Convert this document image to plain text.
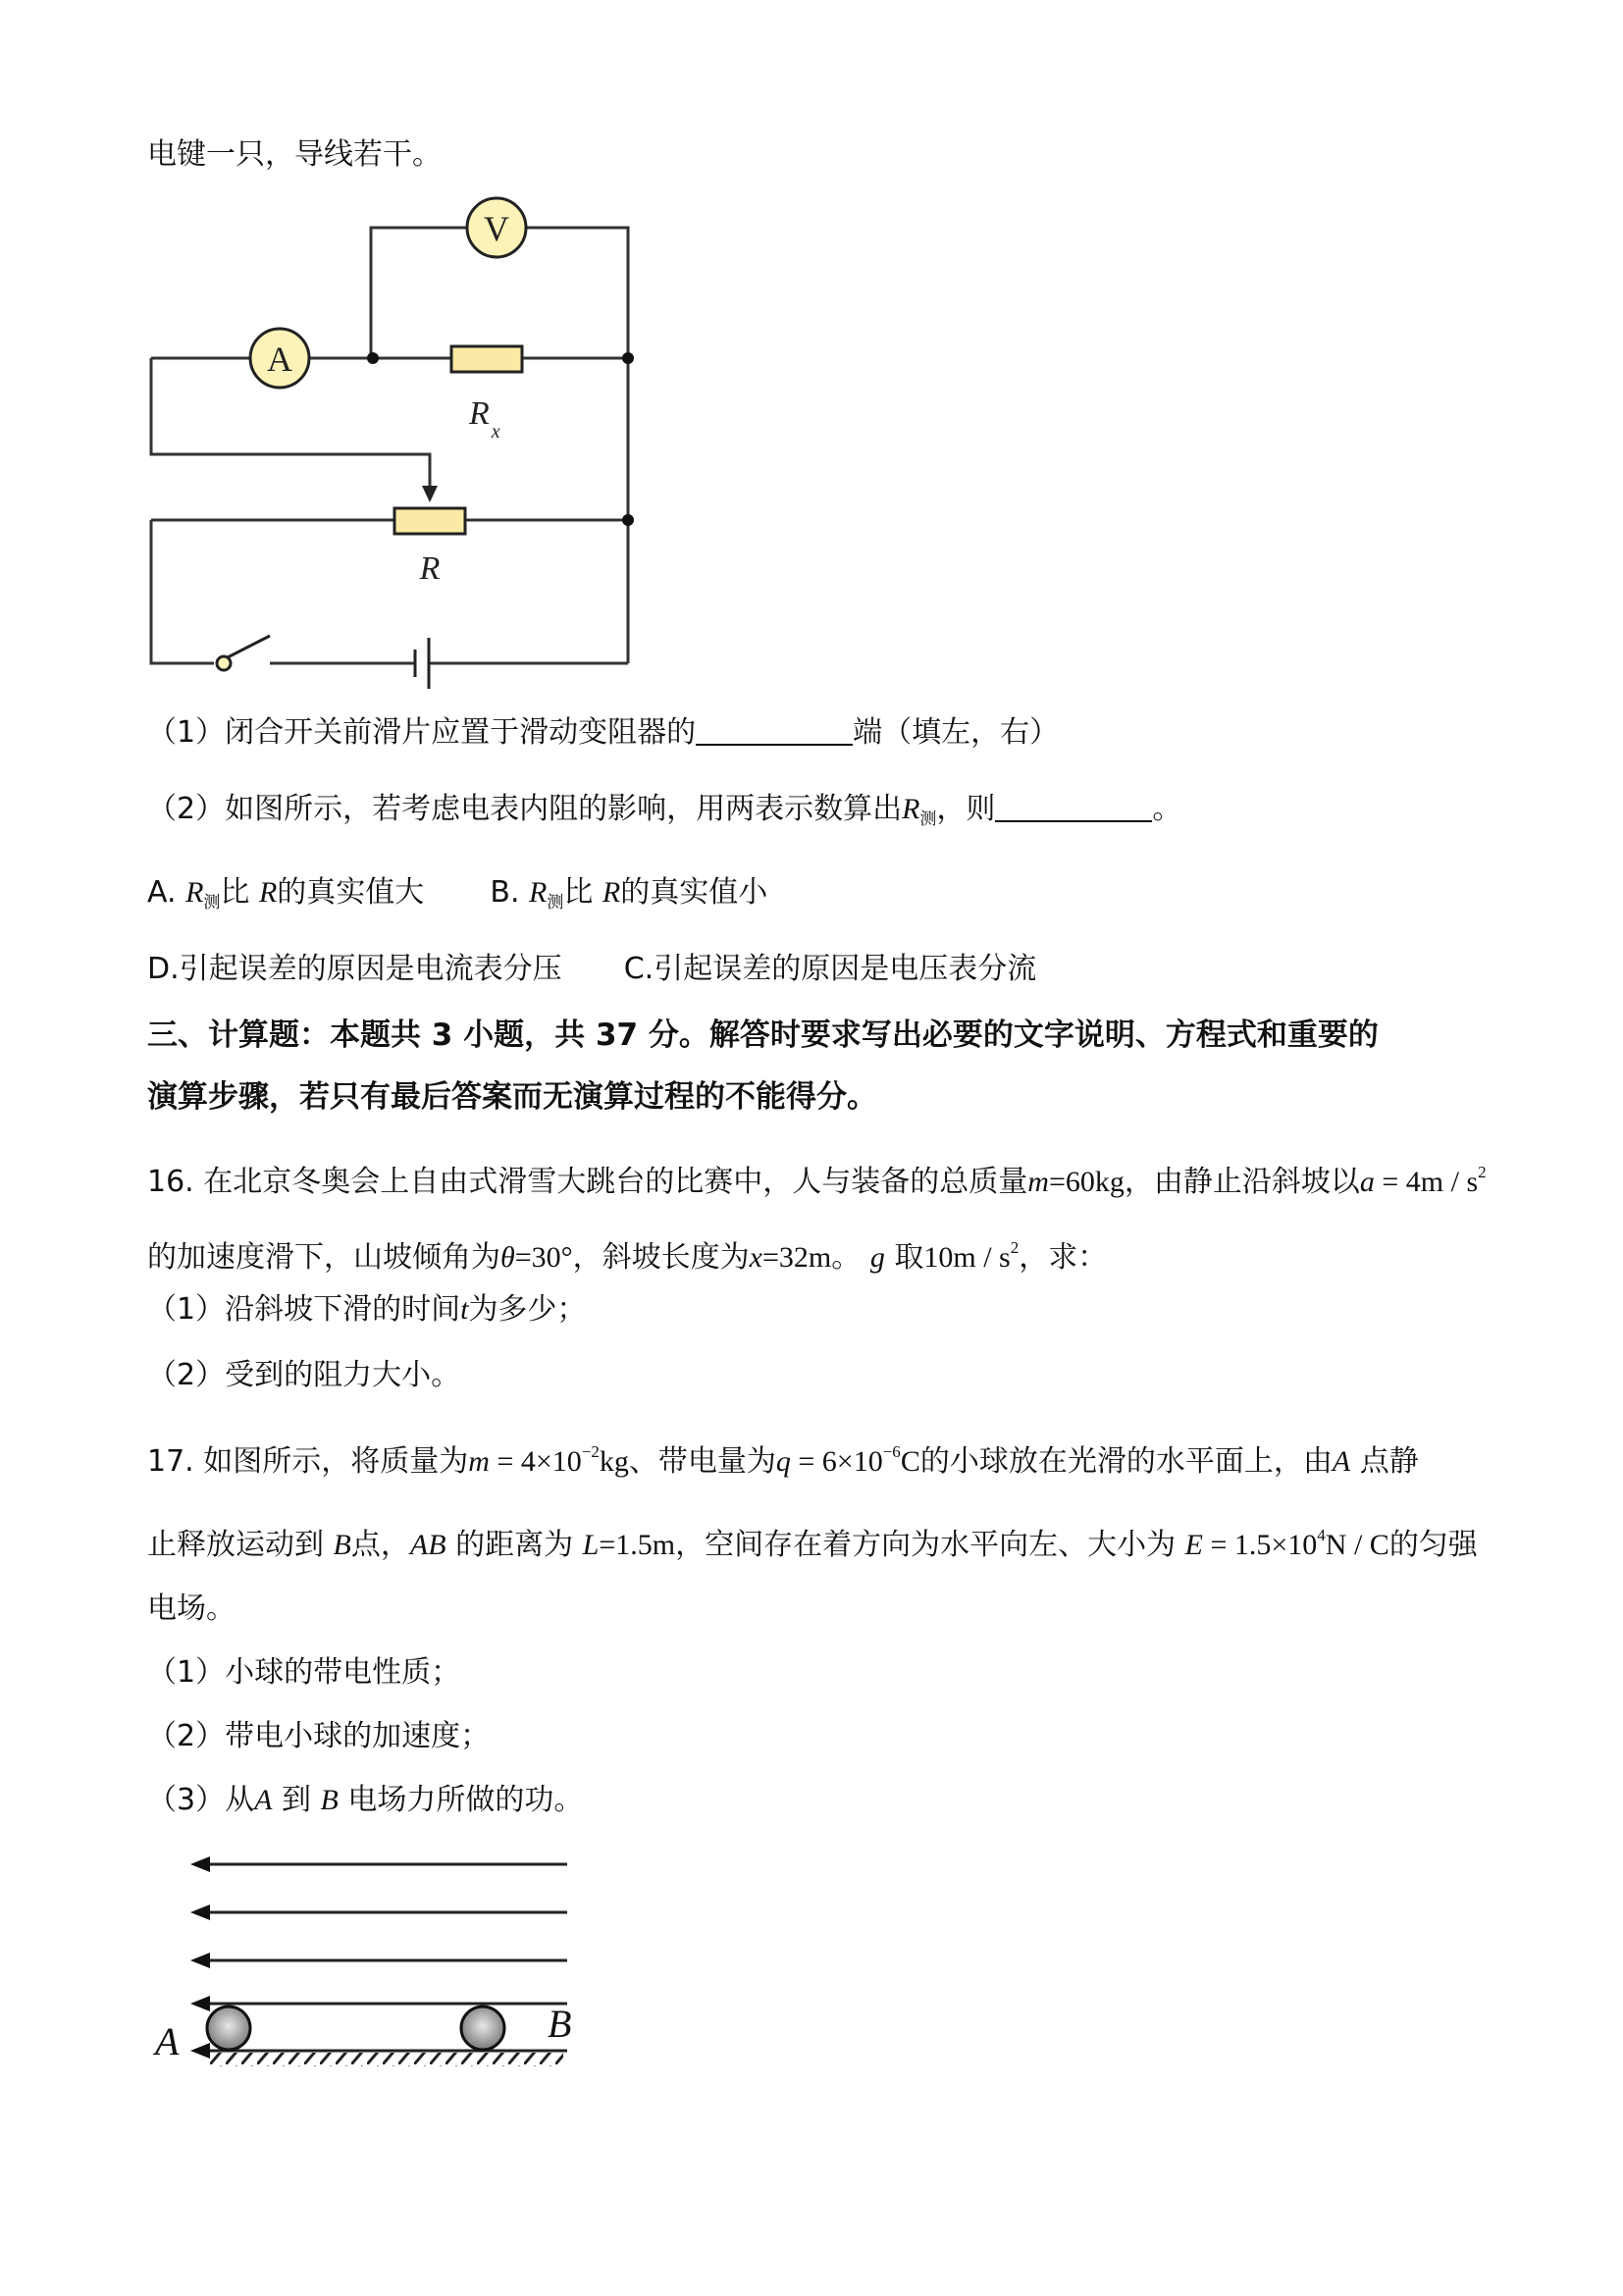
电键一只，导线若干。
V
A
R $_x$
R
（1）闭合开关前滑片应置于滑动变阻器的	端（填左，右）
（2）如图所示，若考虑电表内阻的影响，用两表示数算出$R_测$，则	。
A. $R_测$比 R的真实值大 B. $R_测$比 R的真实值小
D.引起误差的原因是电流表分压 C.引起误差的原因是电压表分流
三、计算题：本题共 3 小题，共 37 分。解答时要求写出必要的文字说明、方程式和重要的
演算步骤，若只有最后答案而无演算过程的不能得分。
16. 在北京冬奥会上自由式滑雪大跳台的比赛中，人与装备的总质量m=60kg，由静止沿斜坡以$a = 4m / s^2$
的加速度滑下，山坡倾角为θ=30°，斜坡长度为x=32m。 g 取$10m / s^2$，求：
（1）沿斜坡下滑的时间t为多少；
（2）受到的阻力大小。
17. 如图所示，将质量为$m = 4\times 10^{-2}kg$、带电量为$q = 6\times 10^{-6}C$的小球放在光滑的水平面上，由A 点静
止释放运动到 B点，AB 的距离为 L=1.5m，空间存在着方向为水平向左、大小为 $E = 1.5\times 10^4N / C$的匀强
电场。
（1）小球的带电性质；
（2）带电小球的加速度；
（3）从A 到 B 电场力所做的功。
A	B
